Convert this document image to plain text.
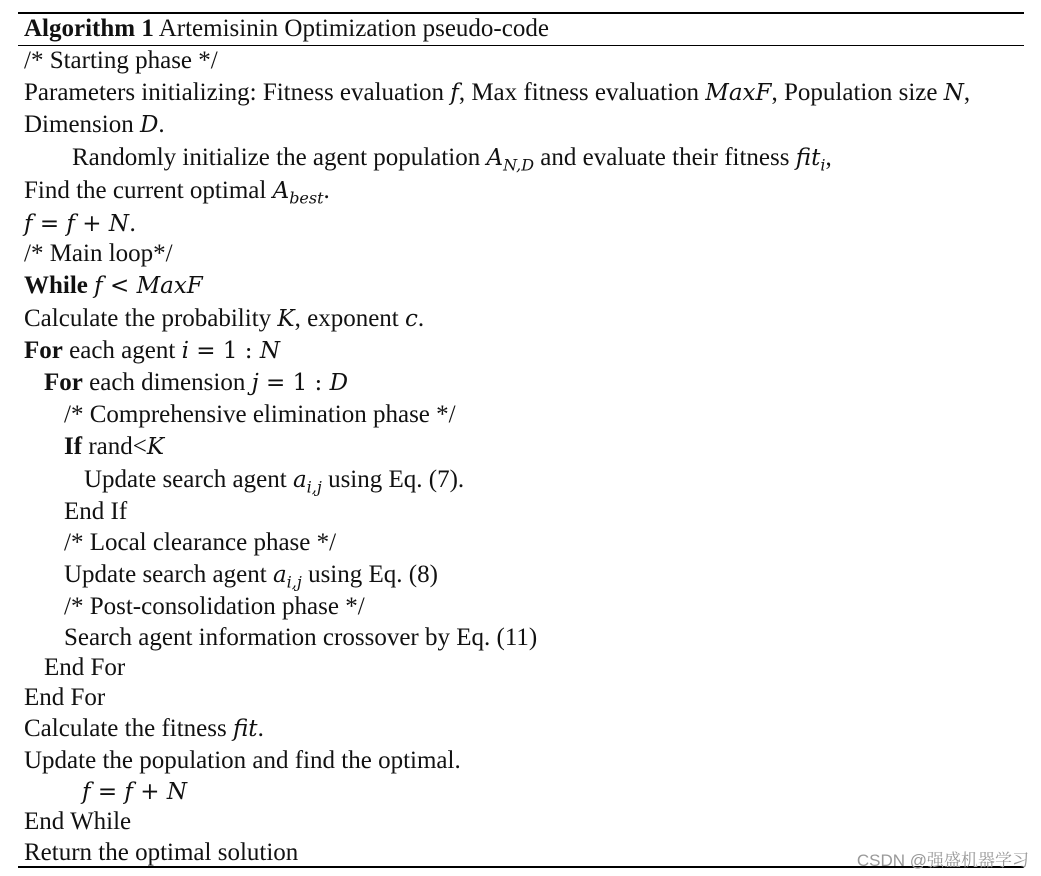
Algorithm 1 Artemisinin Optimization pseudo-code
/* Starting phase */
Parameters initializing: Fitness evaluation f, Max fitness evaluation MaxF, Population size N,
Dimension D.
Randomly initialize the agent population $A_{N,D}$ and evaluate their fitness fit$_i$,
Find the current optimal $A_{best}$.
f = f + N.
/* Main loop*/
While f < MaxF
Calculate the probability K, exponent c.
For each agent i = 1 : N
For each dimension j = 1 : D
/* Comprehensive elimination phase */
If rand<K
Update search agent $a_{i,j}$ using Eq. (7).
End If
/* Local clearance phase */
Update search agent $a_{i,j}$ using Eq. (8)
/* Post-consolidation phase */
Search agent information crossover by Eq. (11)
End For
End For
Calculate the fitness fit.
Update the population and find the optimal.
f = f + N
End While
Return the optimal solution	CSDN @强盛机器学习
